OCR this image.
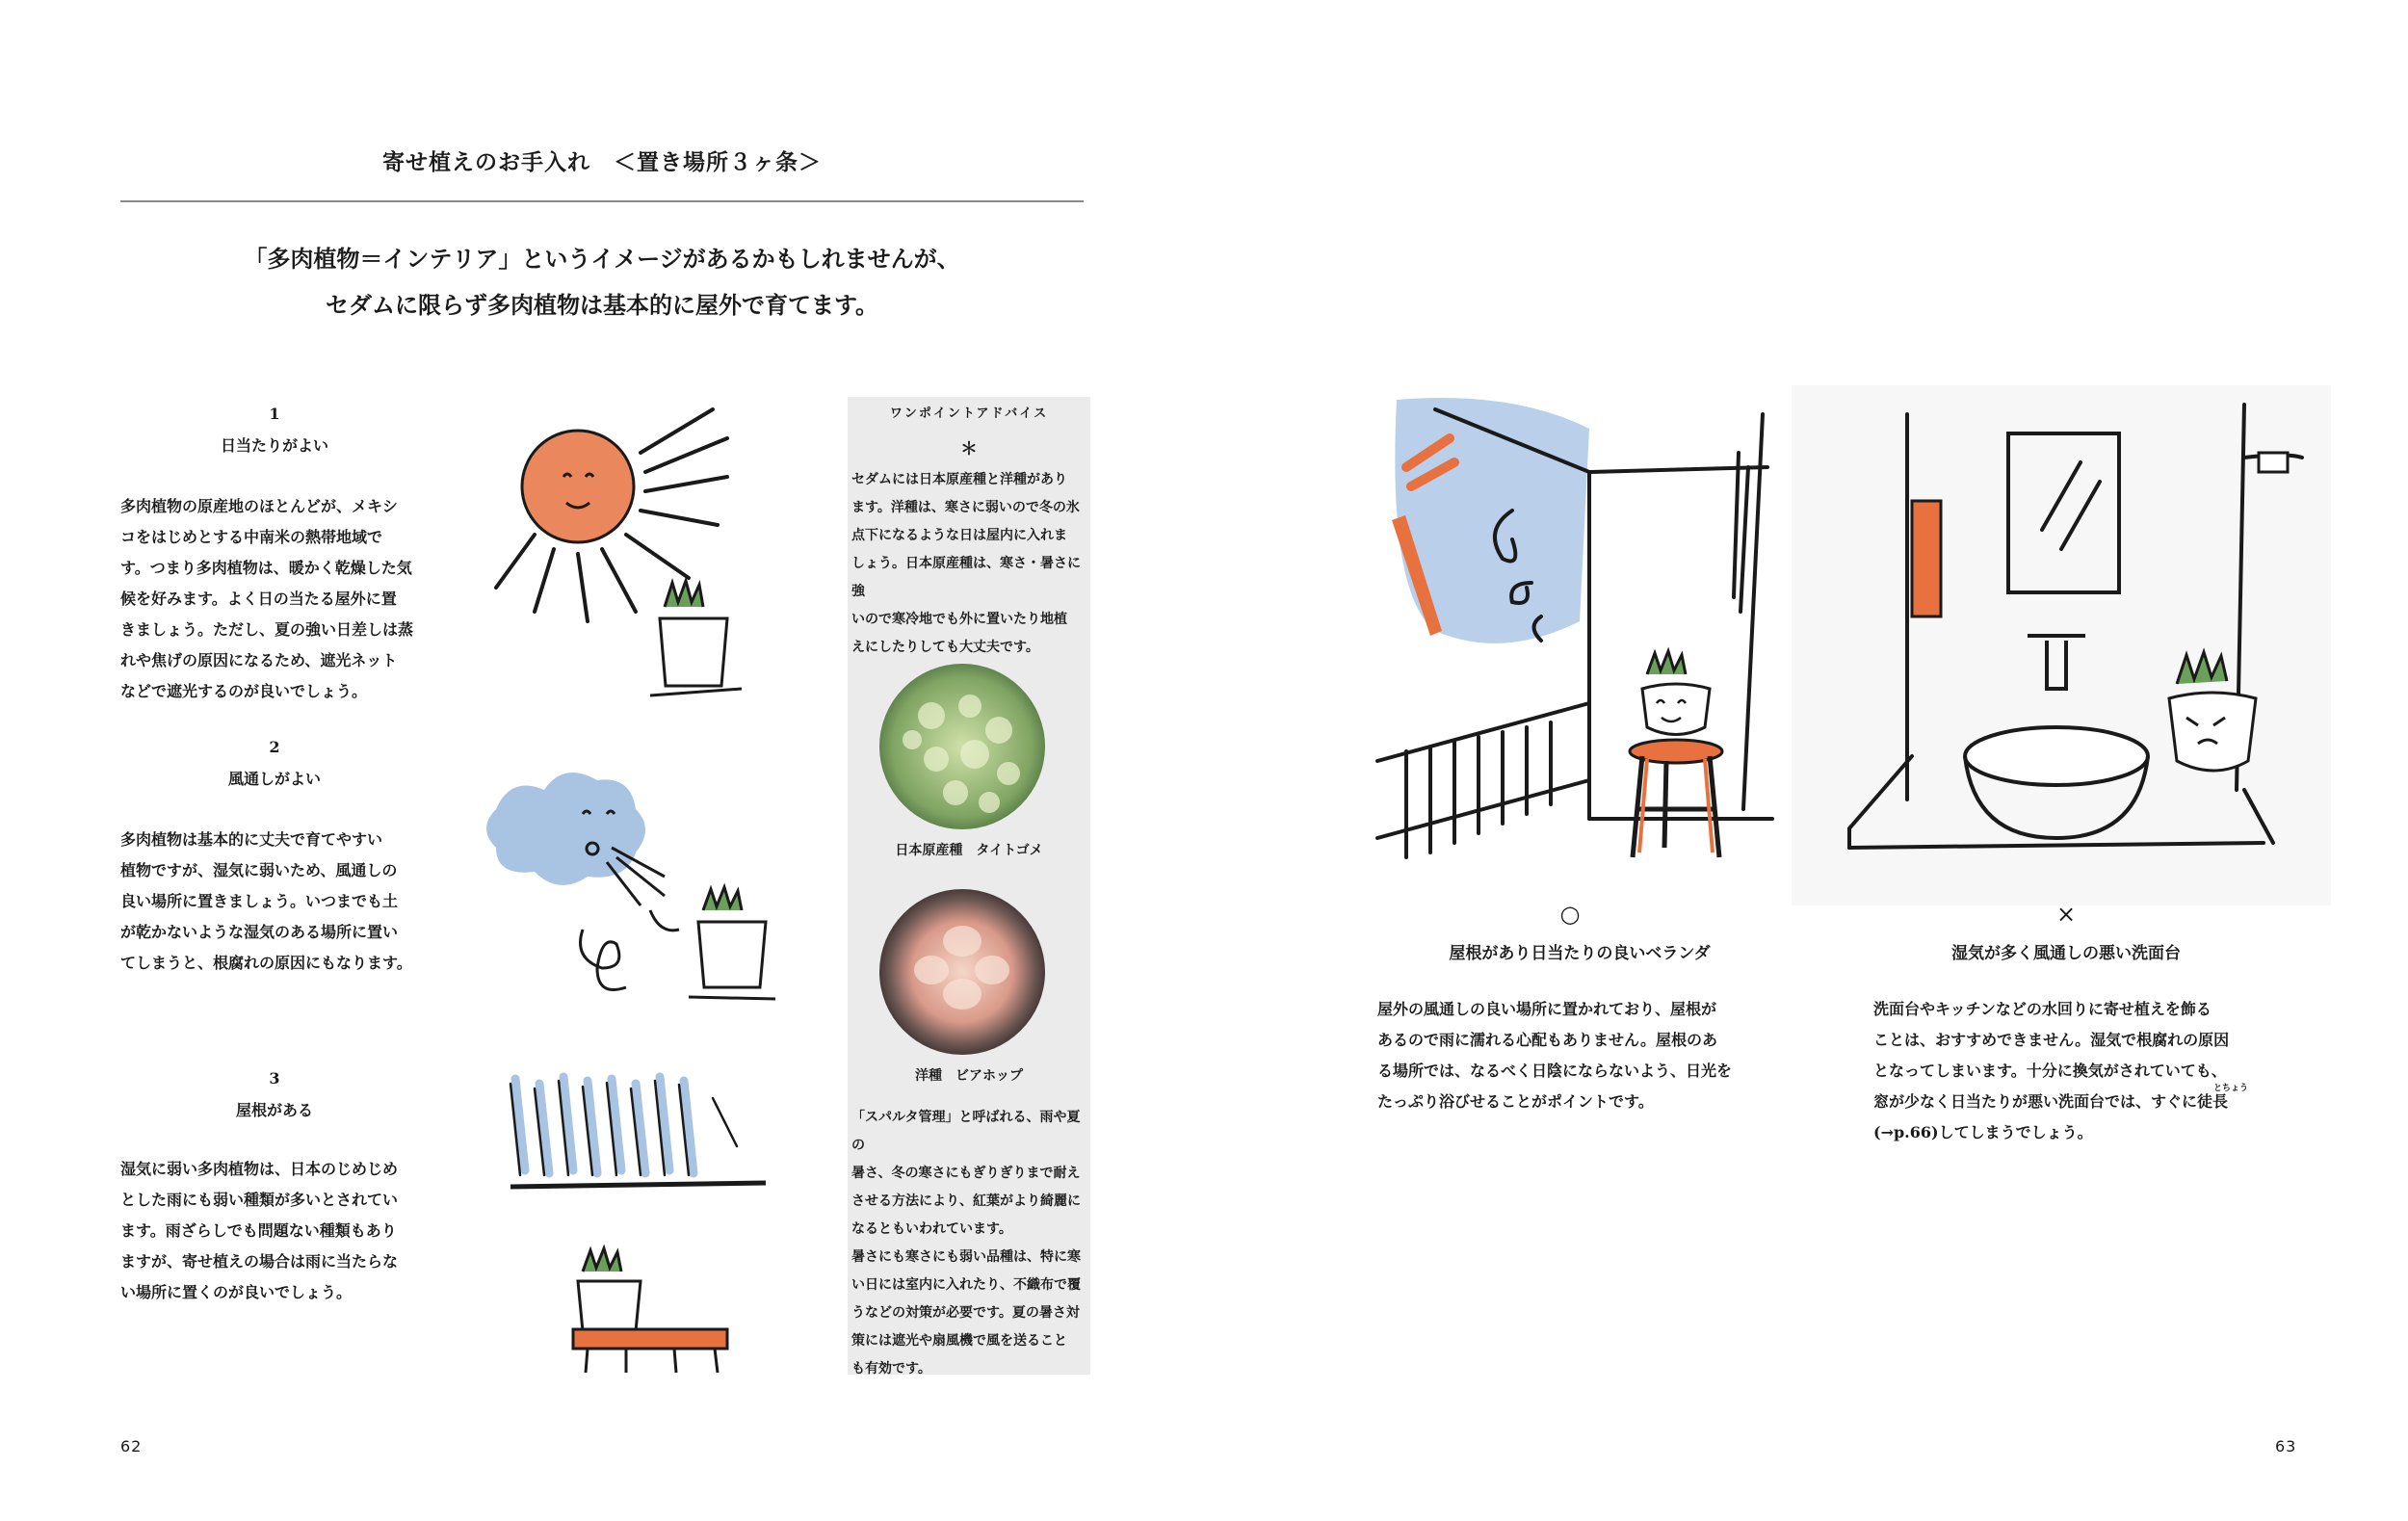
寄せ植えのお手入れ　＜置き場所３ヶ条＞
「多肉植物＝インテリア」というイメージがあるかもしれませんが、
セダムに限らず多肉植物は基本的に屋外で育てます。
1
日当たりがよい
多肉植物の原産地のほとんどが、メキシ
コをはじめとする中南米の熱帯地域で
す。つまり多肉植物は、暖かく乾燥した気
候を好みます。よく日の当たる屋外に置
きましょう。ただし、夏の強い日差しは蒸
れや焦げの原因になるため、遮光ネット
などで遮光するのが良いでしょう。
2
風通しがよい
多肉植物は基本的に丈夫で育てやすい
植物ですが、湿気に弱いため、風通しの
良い場所に置きましょう。いつまでも土
が乾かないような湿気のある場所に置い
てしまうと、根腐れの原因にもなります。
3
屋根がある
湿気に弱い多肉植物は、日本のじめじめ
とした雨にも弱い種類が多いとされてい
ます。雨ざらしでも問題ない種類もあり
ますが、寄せ植えの場合は雨に当たらな
い場所に置くのが良いでしょう。
ワンポイントアドバイス
＊
セダムには日本原産種と洋種があり
ます。洋種は、寒さに弱いので冬の氷
点下になるような日は屋内に入れま
しょう。日本原産種は、寒さ・暑さに強
いので寒冷地でも外に置いたり地植
えにしたりしても大丈夫です。
日本原産種　タイトゴメ
洋種　ビアホップ
「スパルタ管理」と呼ばれる、雨や夏の
暑さ、冬の寒さにもぎりぎりまで耐え
させる方法により、紅葉がより綺麗に
なるともいわれています。
暑さにも寒さにも弱い品種は、特に寒
い日には室内に入れたり、不織布で覆
うなどの対策が必要です。夏の暑さ対
策には遮光や扇風機で風を送ること
も有効です。
○
屋根があり日当たりの良いベランダ
屋外の風通しの良い場所に置かれており、屋根が
あるので雨に濡れる心配もありません。屋根のあ
る場所では、なるべく日陰にならないよう、日光を
たっぷり浴びせることがポイントです。
×
湿気が多く風通しの悪い洗面台
洗面台やキッチンなどの水回りに寄せ植えを飾る
ことは、おすすめできません。湿気で根腐れの原因
となってしまいます。十分に換気がされていても、
窓が少なく日当たりが悪い洗面台では、すぐに徒長
(→p.66)してしまうでしょう。
とちょう
62	63
